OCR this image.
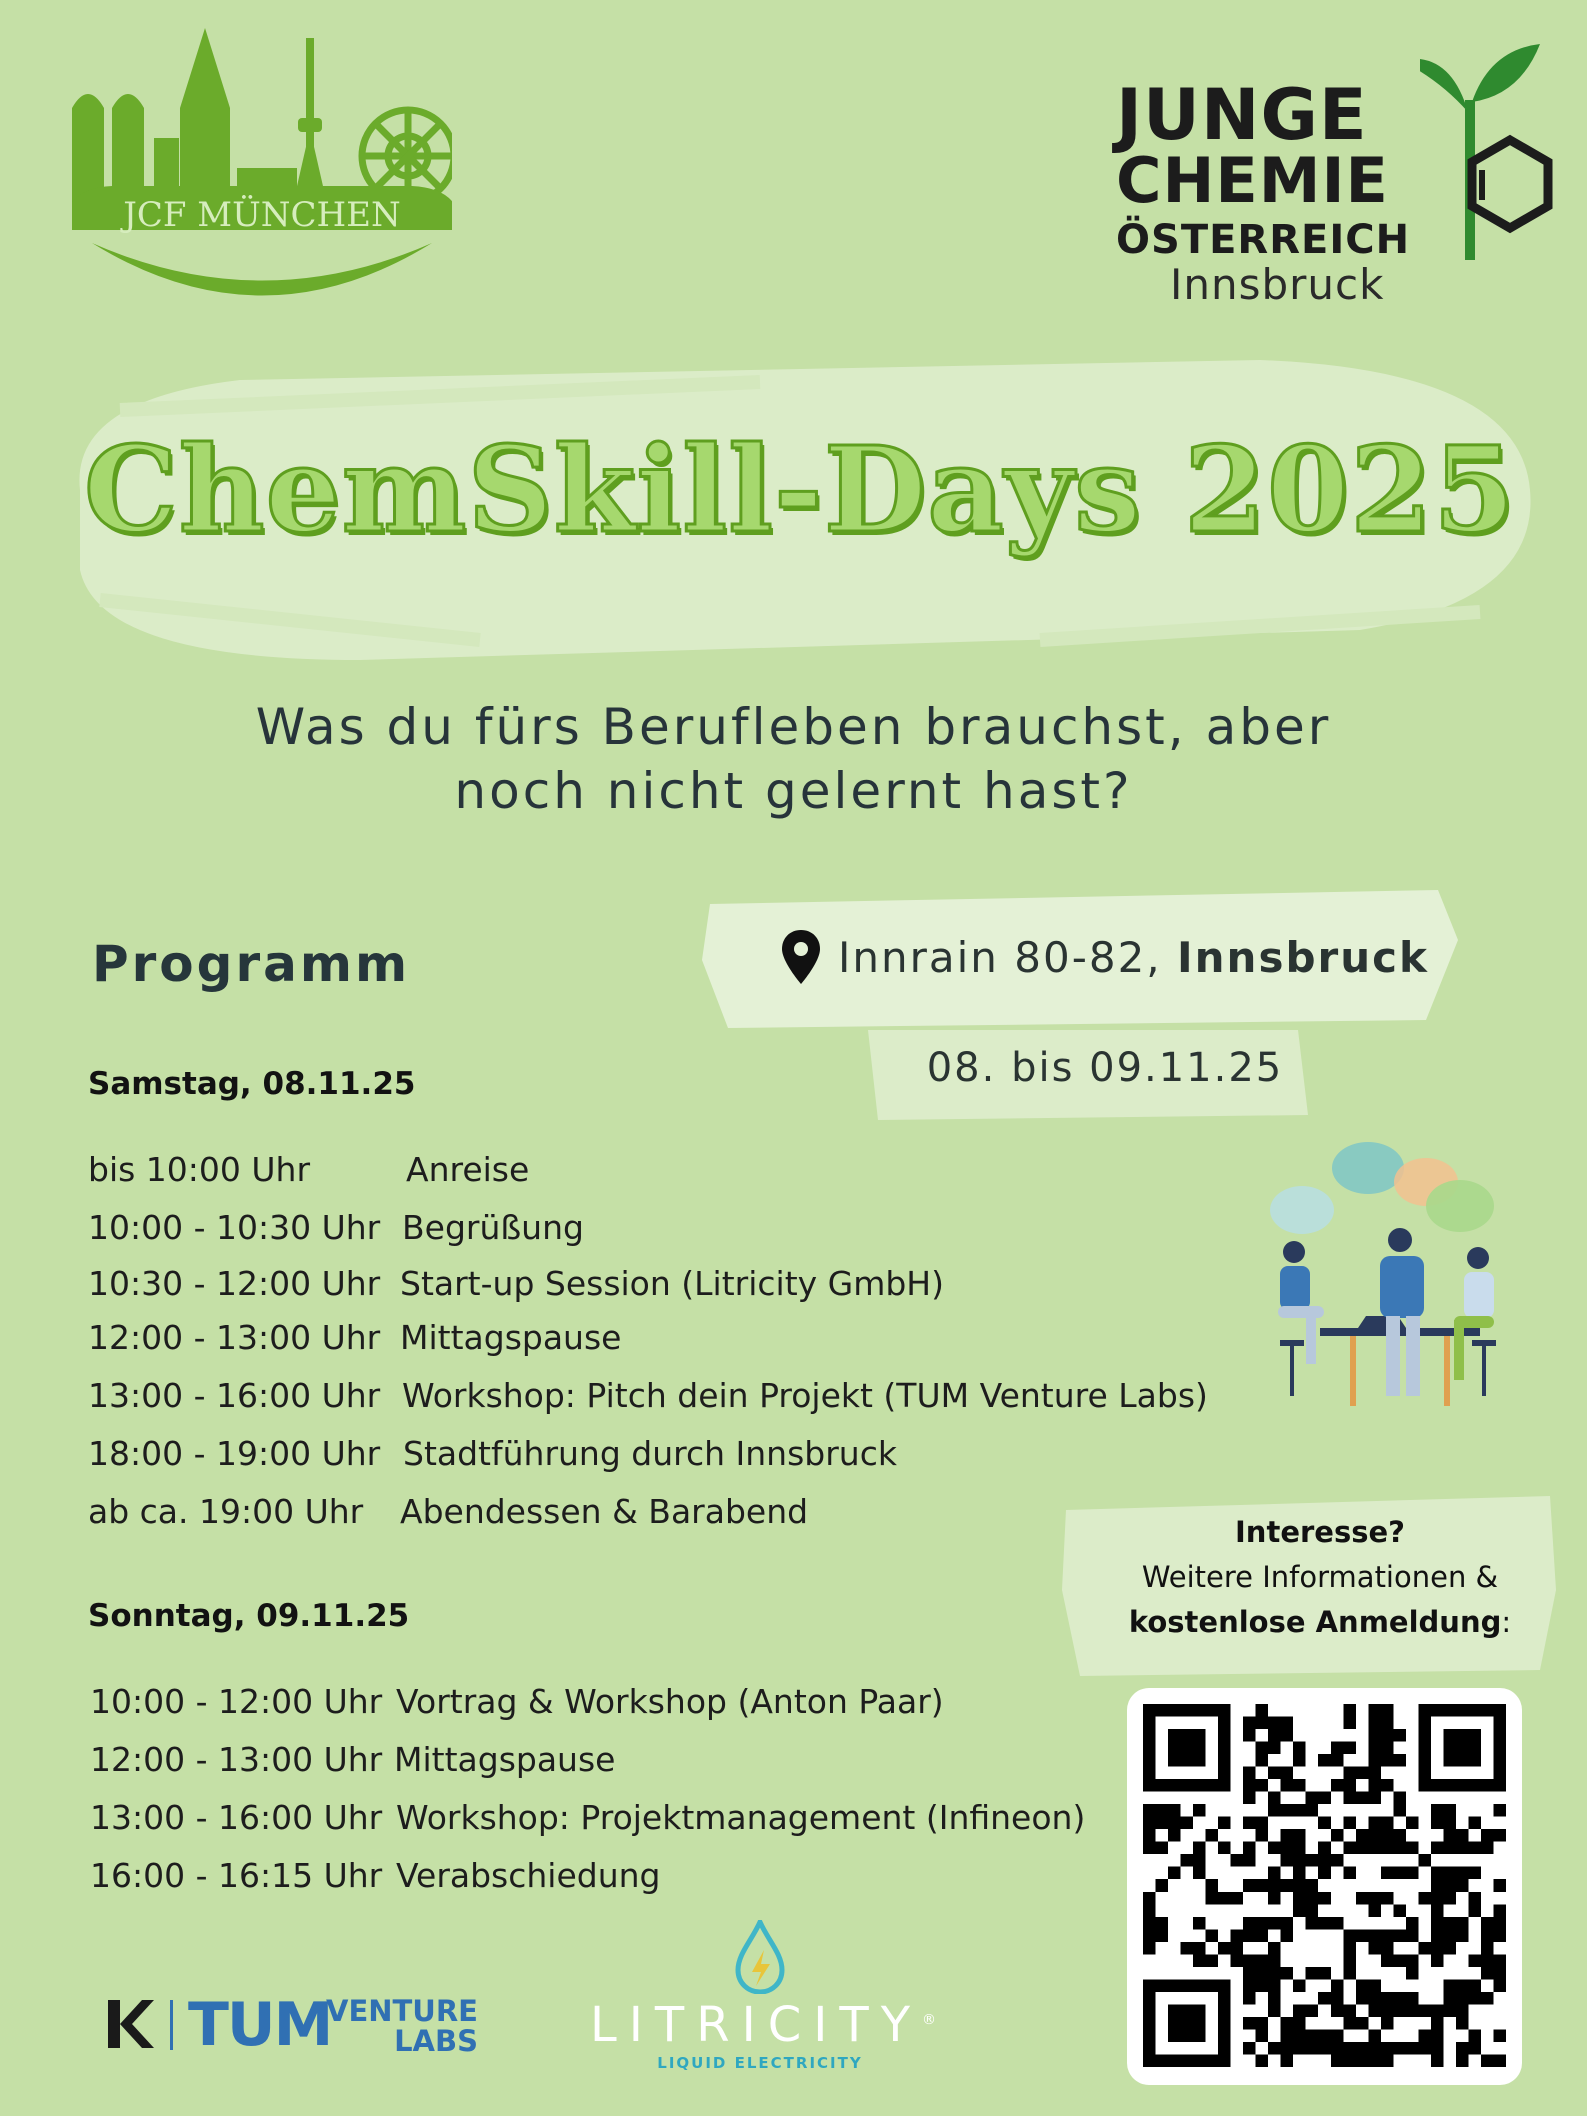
JCF MÜNCHEN
JUNGE
CHEMIE
ÖSTERREICH
Innsbruck
ChemSkill-Days 2025
Was du fürs Berufleben brauchst, aber
noch nicht gelernt hast?
Programm	Innrain 80-82, Innsbruck
08. bis 09.11.25
Samstag, 08.11.25
bis 10:00 Uhr	Anreise
10:00 - 10:30 Uhr Begrüßung
10:30 - 12:00 Uhr Start-up Session (Litricity GmbH)
12:00 - 13:00 Uhr Mittagspause
13:00 - 16:00 Uhr Workshop: Pitch dein Projekt (TUM Venture Labs)
18:00 - 19:00 Uhr Stadtführung durch Innsbruck
ab ca. 19:00 Uhr Abendessen & Barabend
Sonntag, 09.11.25
10:00 - 12:00 Uhr Vortrag & Workshop (Anton Paar)
12:00 - 13:00 Uhr Mittagspause
13:00 - 16:00 Uhr Workshop: Projektmanagement (Infineon)
16:00 - 16:15 Uhr Verabschiedung
Interesse?
Weitere Informationen &
kostenlose Anmeldung:
TUM
VENTURE
LABS LITRICITY®
LIQUID ELECTRICITY
